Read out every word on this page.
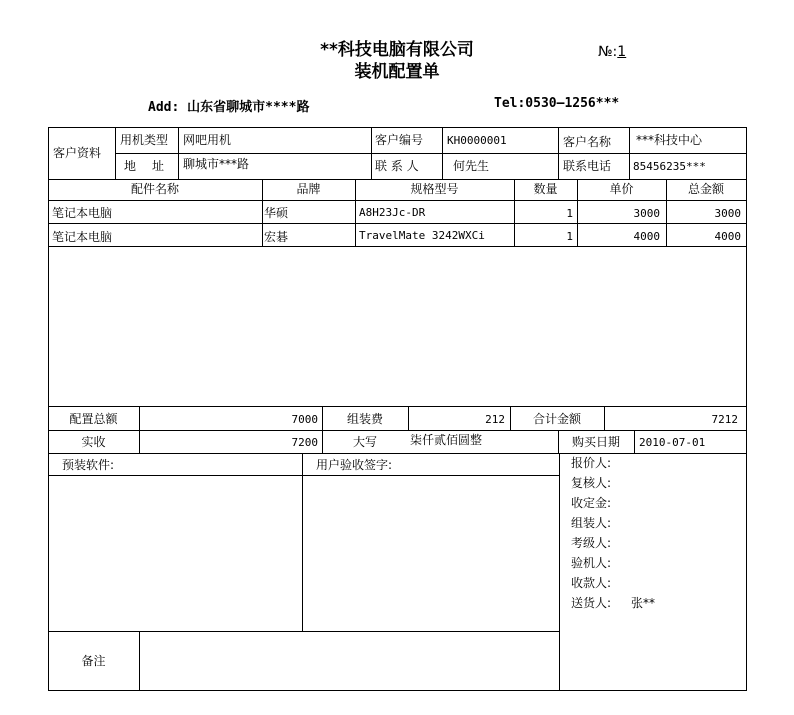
**科技电脑有限公司
装机配置单
№:1
Add: 山东省聊城市****路	Tel:0530—1256***
客户资料
用机类型 网吧用机	客户编号 KH0000001	客户名称 ***科技中心
地　址 聊城市***路	联 系 人	何先生	联系电话 85456235***
配件名称	品牌	规格型号	数量	单价	总金额
笔记本电脑	华硕	A8H23Jc-DR	1	3000	3000
笔记本电脑	宏碁	TravelMate 3242WXCi	1	4000	4000
配置总额	7000	组装费	212	合计金额	7212
实收	7200	大写	柒仟贰佰圆整	购买日期	2010-07-01
预装软件:	用户验收签字:	报价人:
复核人:
收定金:
组装人:
考级人:
验机人:
收款人:
送货人: 张**
备注
